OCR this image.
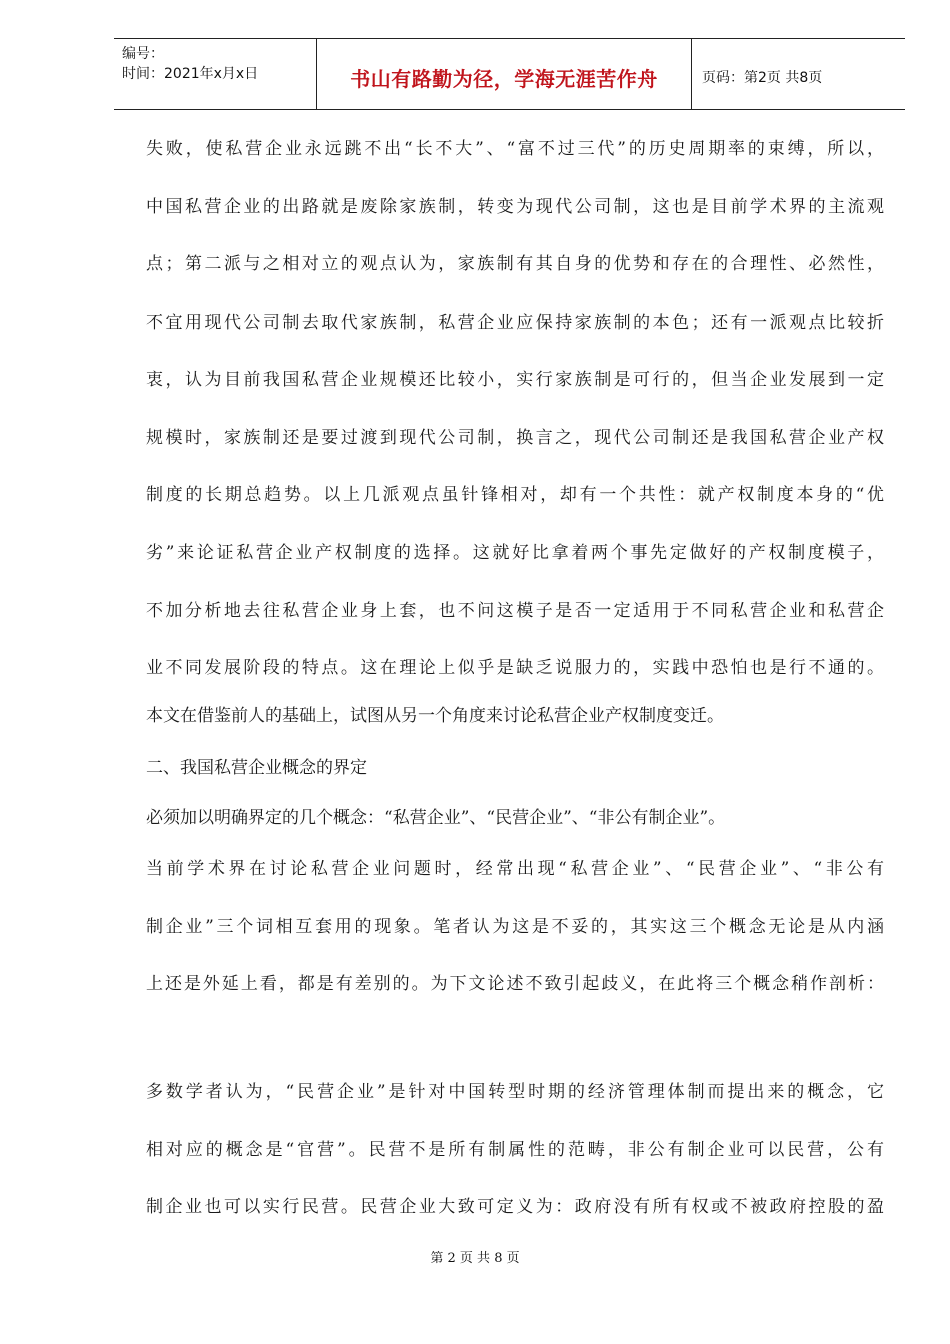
编号：
时间：2021年x月x日	书山有路勤为径，学海无涯苦作舟	页码：第2页 共8页
失败，使私营企业永远跳不出“长不大”、“富不过三代”的历史周期率的束缚，所以，
中国私营企业的出路就是废除家族制，转变为现代公司制，这也是目前学术界的主流观
点；第二派与之相对立的观点认为，家族制有其自身的优势和存在的合理性、必然性，
不宜用现代公司制去取代家族制，私营企业应保持家族制的本色；还有一派观点比较折
衷，认为目前我国私营企业规模还比较小，实行家族制是可行的，但当企业发展到一定
规模时，家族制还是要过渡到现代公司制，换言之，现代公司制还是我国私营企业产权
制度的长期总趋势。以上几派观点虽针锋相对，却有一个共性：就产权制度本身的“优
劣”来论证私营企业产权制度的选择。这就好比拿着两个事先定做好的产权制度模子，
不加分析地去往私营企业身上套，也不问这模子是否一定适用于不同私营企业和私营企
业不同发展阶段的特点。这在理论上似乎是缺乏说服力的，实践中恐怕也是行不通的。
本文在借鉴前人的基础上，试图从另一个角度来讨论私营企业产权制度变迁。
二、我国私营企业概念的界定
必须加以明确界定的几个概念：“私营企业”、“民营企业”、“非公有制企业”。
当前学术界在讨论私营企业问题时，经常出现“私营企业”、“民营企业”、“非公有
制企业”三个词相互套用的现象。笔者认为这是不妥的，其实这三个概念无论是从内涵
上还是外延上看，都是有差别的。为下文论述不致引起歧义，在此将三个概念稍作剖析：
多数学者认为，“民营企业”是针对中国转型时期的经济管理体制而提出来的概念，它
相对应的概念是“官营”。民营不是所有制属性的范畴，非公有制企业可以民营，公有
制企业也可以实行民营。民营企业大致可定义为：政府没有所有权或不被政府控股的盈
第 2 页 共 8 页
